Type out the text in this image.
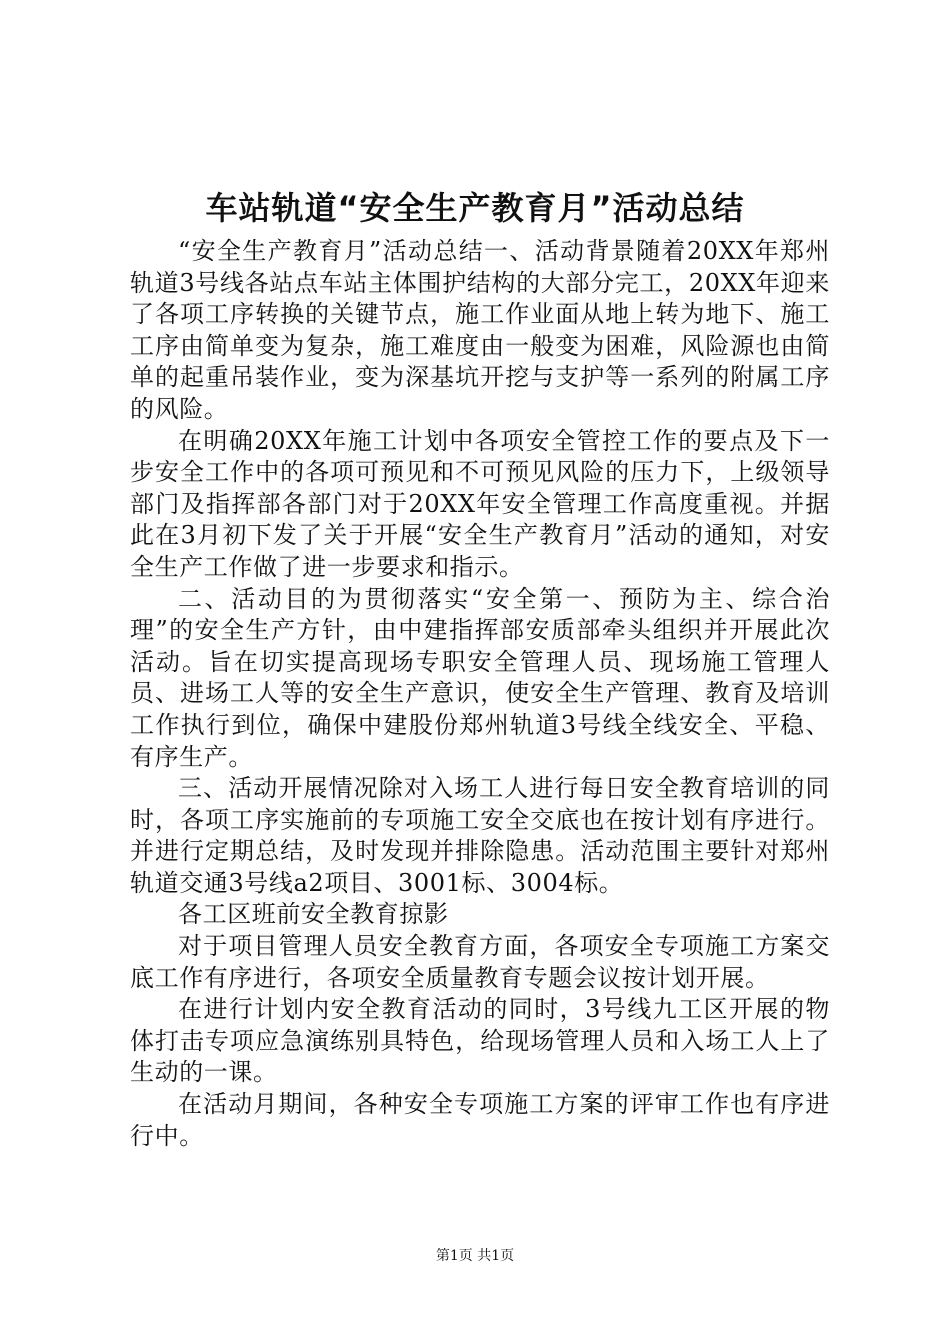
车站轨道“安全生产教育月”活动总结

“安全生产教育月”活动总结一、活动背景随着20XX年郑州轨道3号线各站点车站主体围护结构的大部分完工，20XX年迎来了各项工序转换的关键节点，施工作业面从地上转为地下、施工工序由简单变为复杂，施工难度由一般变为困难，风险源也由简单的起重吊装作业，变为深基坑开挖与支护等一系列的附属工序的风险。

在明确20XX年施工计划中各项安全管控工作的要点及下一步安全工作中的各项可预见和不可预见风险的压力下，上级领导部门及指挥部各部门对于20XX年安全管理工作高度重视。并据此在3月初下发了关于开展“安全生产教育月”活动的通知，对安全生产工作做了进一步要求和指示。

二、活动目的为贯彻落实“安全第一、预防为主、综合治理”的安全生产方针，由中建指挥部安质部牵头组织并开展此次活动。旨在切实提高现场专职安全管理人员、现场施工管理人员、进场工人等的安全生产意识，使安全生产管理、教育及培训工作执行到位，确保中建股份郑州轨道3号线全线安全、平稳、有序生产。

三、活动开展情况除对入场工人进行每日安全教育培训的同时，各项工序实施前的专项施工安全交底也在按计划有序进行。并进行定期总结，及时发现并排除隐患。活动范围主要针对郑州轨道交通3号线a2项目、3001标、3004标。

各工区班前安全教育掠影

对于项目管理人员安全教育方面，各项安全专项施工方案交底工作有序进行，各项安全质量教育专题会议按计划开展。

在进行计划内安全教育活动的同时，3号线九工区开展的物体打击专项应急演练别具特色，给现场管理人员和入场工人上了生动的一课。

在活动月期间，各种安全专项施工方案的评审工作也有序进行中。

第1页 共1页
